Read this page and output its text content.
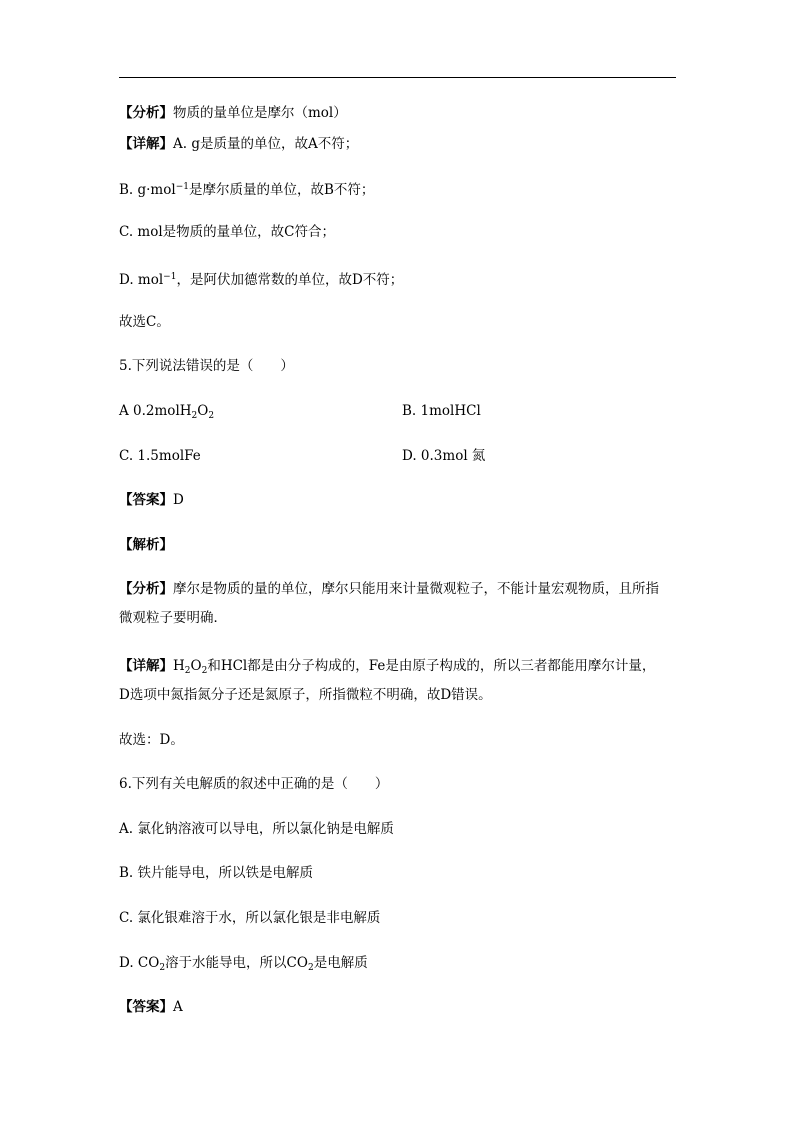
【分析】物质的量单位是摩尔（mol）
【详解】A. g是质量的单位，故A不符；
B. g·mol$^{-1}$是摩尔质量的单位，故B不符；
C. mol是物质的量单位，故C符合；
D. mol$^{-1}$，是阿伏加德常数的单位，故D不符；
故选C。
5.下列说法错误的是（　　）
A $0.2molH_2O_2$	B. 1molHCl
C. 1.5molFe	D. 0.3mol 氮
【答案】D
【解析】
【分析】摩尔是物质的量的单位，摩尔只能用来计量微观粒子，不能计量宏观物质，且所指
微观粒子要明确．
【详解】$H_2O_2$和HCl都是由分子构成的，Fe是由原子构成的，所以三者都能用摩尔计量，
D选项中氮指氮分子还是氮原子，所指微粒不明确，故D错误。
故选：D。
6.下列有关电解质的叙述中正确的是（　　）
A. 氯化钠溶液可以导电，所以氯化钠是电解质
B. 铁片能导电，所以铁是电解质
C. 氯化银难溶于水，所以氯化银是非电解质
D. $CO_2$溶于水能导电，所以$CO_2$是电解质
【答案】A
